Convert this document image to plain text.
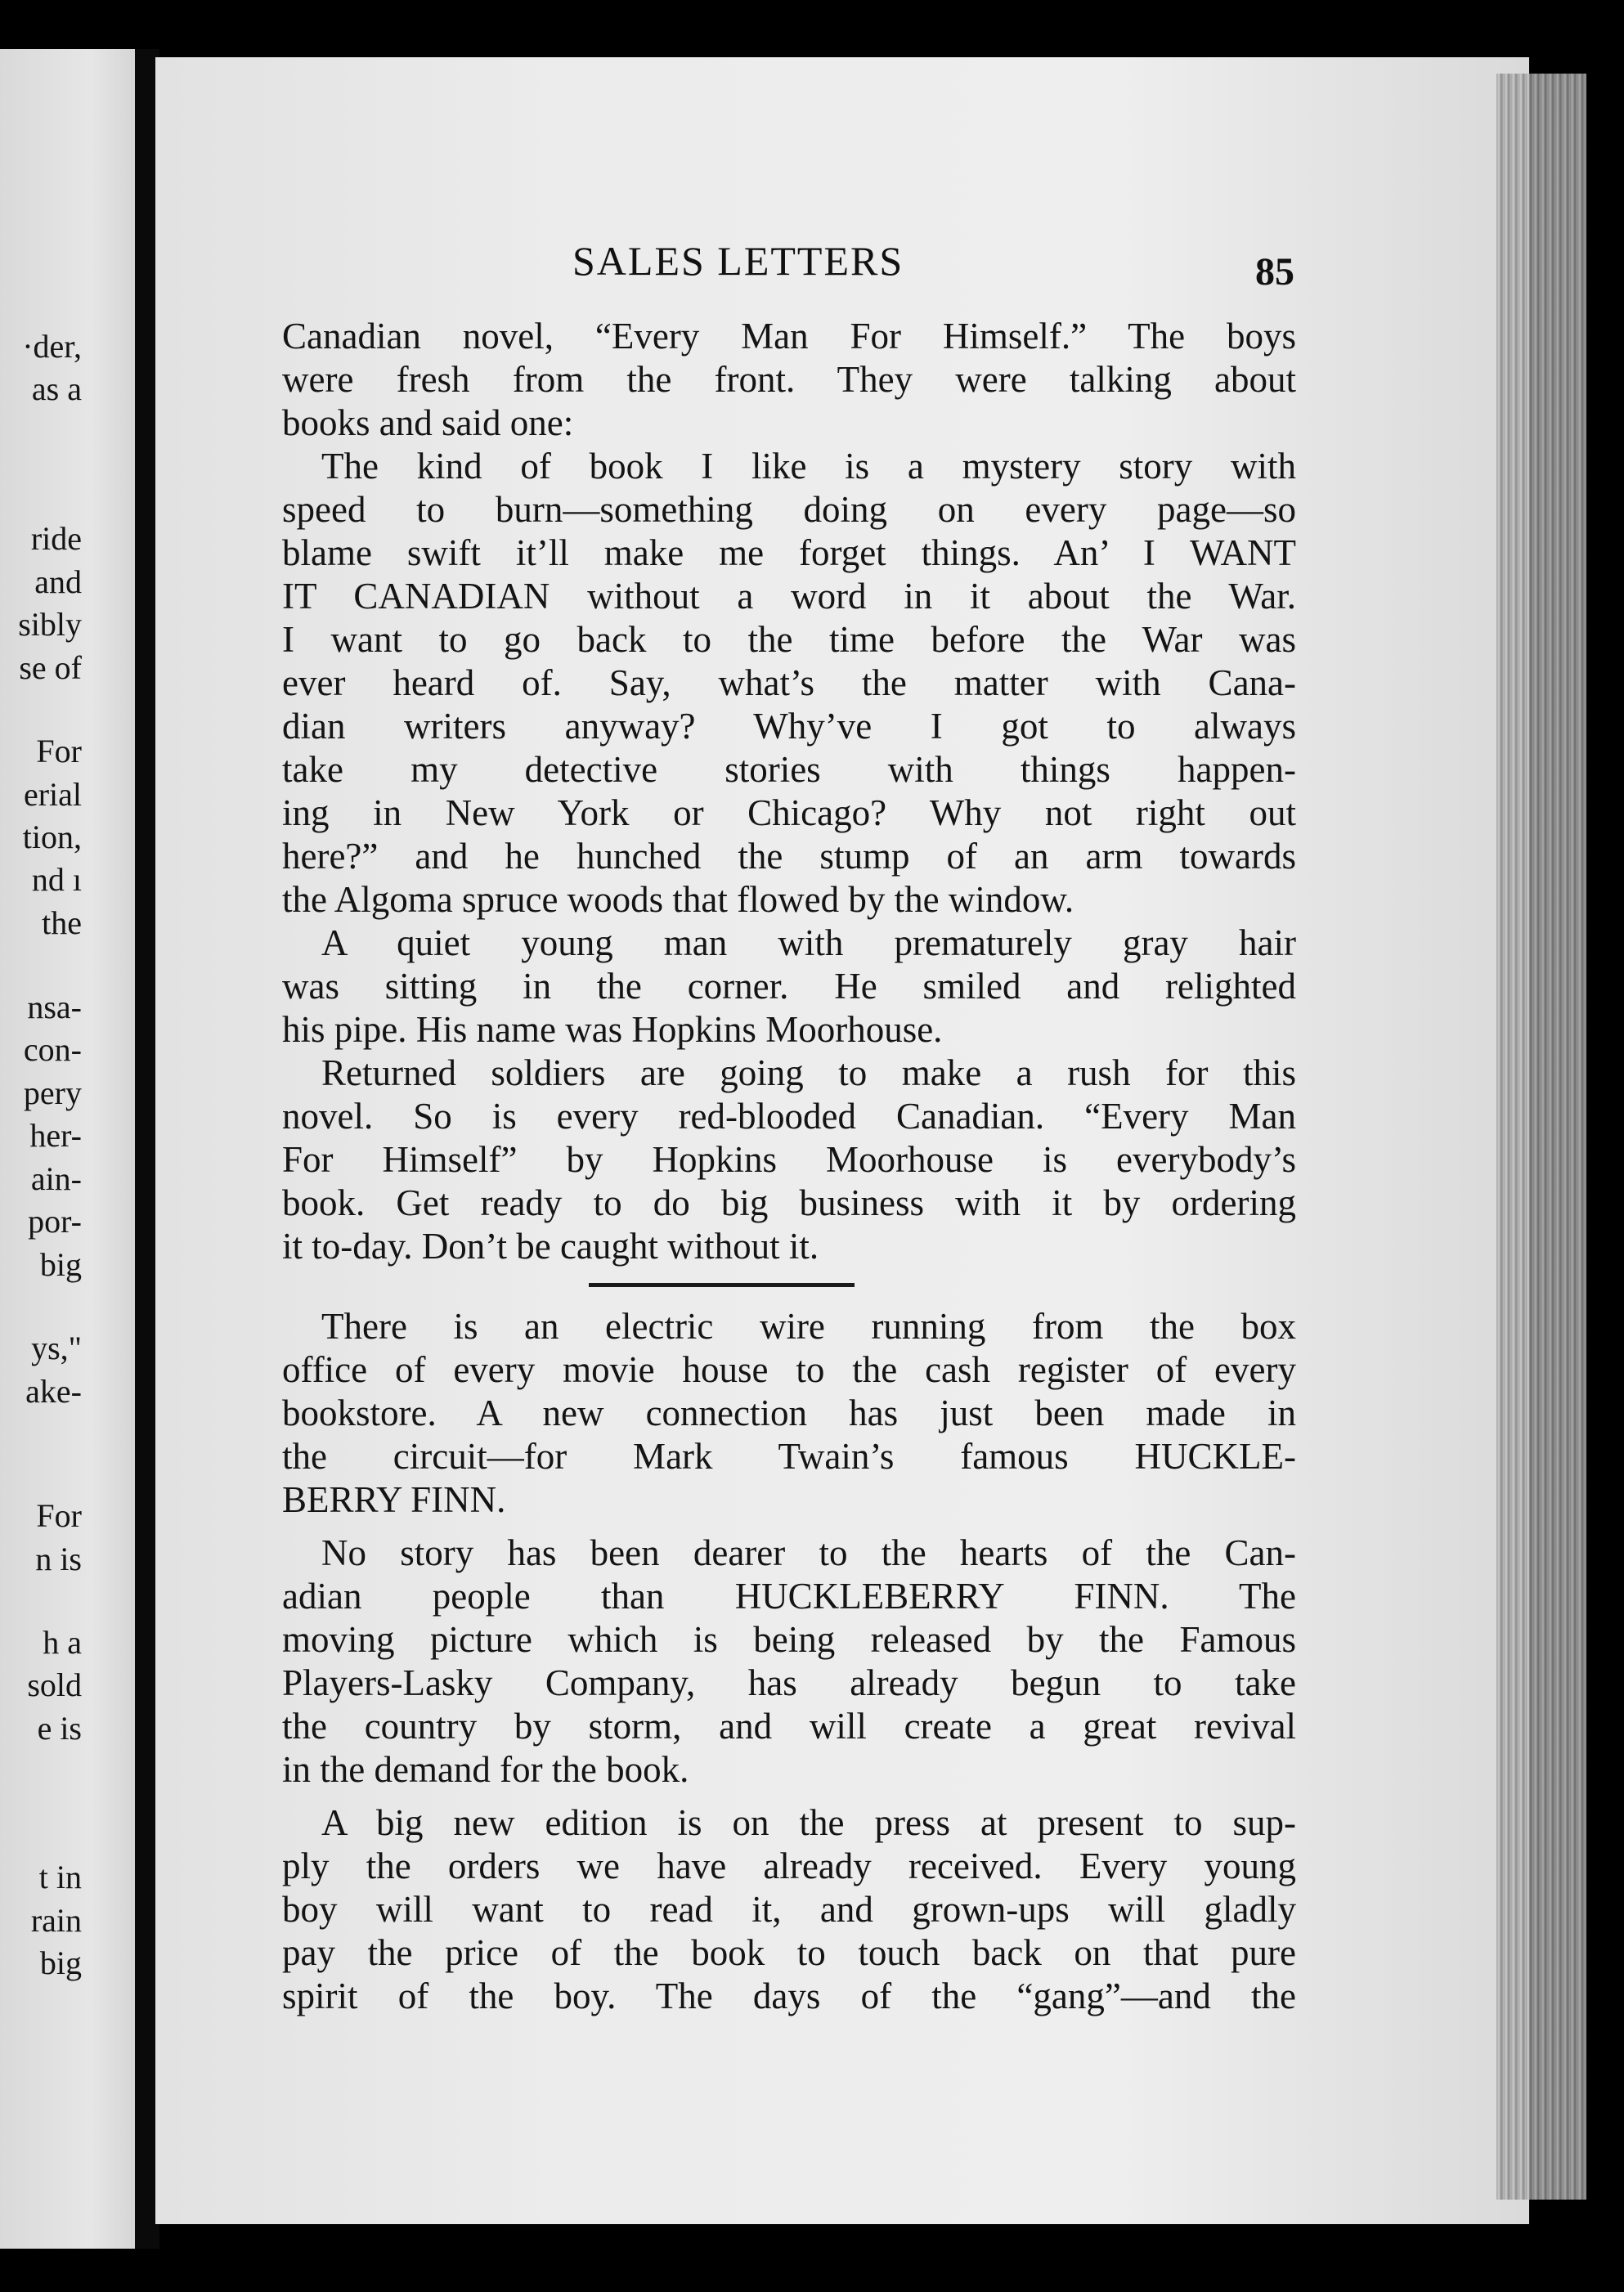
·der,
as a
ride
and
sibly
se of
For
erial
tion,
nd ı
the
nsa-
con-
pery
her-
ain-
por-
big
ys,"
ake-
For
n is
h a
sold
e is
t in
rain
big
SALES LETTERS	85
Canadian novel, “Every Man For Himself.” The boys
were fresh from the front. They were talking about
books and said one:
The kind of book I like is a mystery story with
speed to burn—something doing on every page—so
blame swift it’ll make me forget things. An’ I WANT
IT CANADIAN without a word in it about the War.
I want to go back to the time before the War was
ever heard of. Say, what’s the matter with Cana-
dian writers anyway? Why’ve I got to always
take my detective stories with things happen-
ing in New York or Chicago? Why not right out
here?” and he hunched the stump of an arm towards
the Algoma spruce woods that flowed by the window.
A quiet young man with prematurely gray hair
was sitting in the corner. He smiled and relighted
his pipe. His name was Hopkins Moorhouse.
Returned soldiers are going to make a rush for this
novel. So is every red-blooded Canadian. “Every Man
For Himself” by Hopkins Moorhouse is everybody’s
book. Get ready to do big business with it by ordering
it to-day. Don’t be caught without it.
There is an electric wire running from the box
office of every movie house to the cash register of every
bookstore. A new connection has just been made in
the circuit—for Mark Twain’s famous HUCKLE-
BERRY FINN.
No story has been dearer to the hearts of the Can-
adian people than HUCKLEBERRY FINN. The
moving picture which is being released by the Famous
Players-Lasky Company, has already begun to take
the country by storm, and will create a great revival
in the demand for the book.
A big new edition is on the press at present to sup-
ply the orders we have already received. Every young
boy will want to read it, and grown-ups will gladly
pay the price of the book to touch back on that pure
spirit of the boy. The days of the “gang”—and the
